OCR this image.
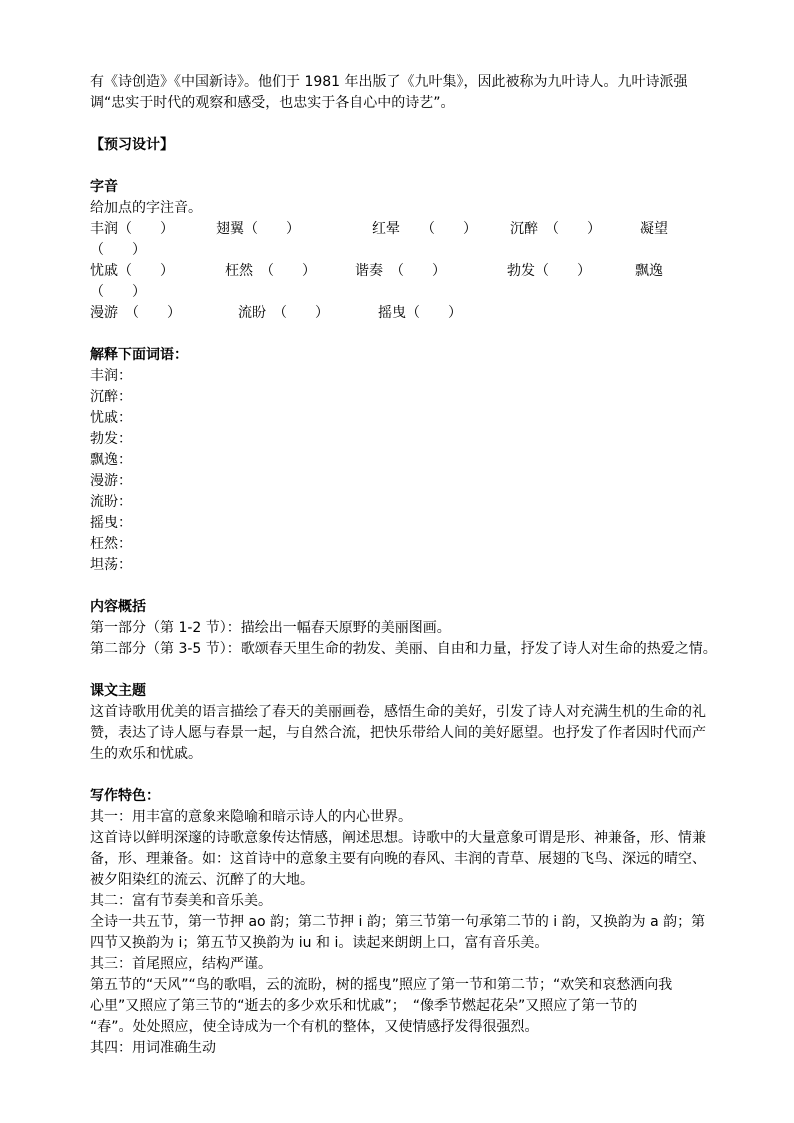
有《诗创造》《中国新诗》。他们于 1981 年出版了《九叶集》，因此被称为九叶诗人。九叶诗派强
调“忠实于时代的观察和感受，也忠实于各自心中的诗艺”。
【预习设计】
字音
给加点的字注音。
丰润（　　）	翅翼（　　）	红晕　　（　　）	沉醉　（　　）	凝望
（　　）
忧戚（　　）	枉然　（　　）	谐奏　（　　）	勃发（　　）	飘逸
（　　）
漫游　（　　）	流盼　（　　）	摇曳（　　）
解释下面词语：
丰润：
沉醉：
忧戚：
勃发：
飘逸：
漫游：
流盼：
摇曳：
枉然：
坦荡：
内容概括
第一部分（第 1-2 节）：描绘出一幅春天原野的美丽图画。
第二部分（第 3-5 节）：歌颂春天里生命的勃发、美丽、自由和力量，抒发了诗人对生命的热爱之情。
课文主题
这首诗歌用优美的语言描绘了春天的美丽画卷，感悟生命的美好，引发了诗人对充满生机的生命的礼
赞，表达了诗人愿与春景一起，与自然合流，把快乐带给人间的美好愿望。也抒发了作者因时代而产
生的欢乐和忧戚。
写作特色：
其一：用丰富的意象来隐喻和暗示诗人的内心世界。
这首诗以鲜明深邃的诗歌意象传达情感，阐述思想。诗歌中的大量意象可谓是形、神兼备，形、情兼
备，形、理兼备。如：这首诗中的意象主要有向晚的春风、丰润的青草、展翅的飞鸟、深远的晴空、
被夕阳染红的流云、沉醉了的大地。
其二：富有节奏美和音乐美。
全诗一共五节，第一节押 ao 韵；第二节押 i 韵；第三节第一句承第二节的 i 韵，又换韵为 a 韵；第
四节又换韵为 i；第五节又换韵为 iu 和 i。读起来朗朗上口，富有音乐美。
其三：首尾照应，结构严谨。
第五节的“天风”“鸟的歌唱，云的流盼，树的摇曳”照应了第一节和第二节；“欢笑和哀愁洒向我
心里”又照应了第三节的“逝去的多少欢乐和忧戚”；　“像季节燃起花朵”又照应了第一节的
“春”。处处照应，使全诗成为一个有机的整体，又使情感抒发得很强烈。
其四：用词准确生动
